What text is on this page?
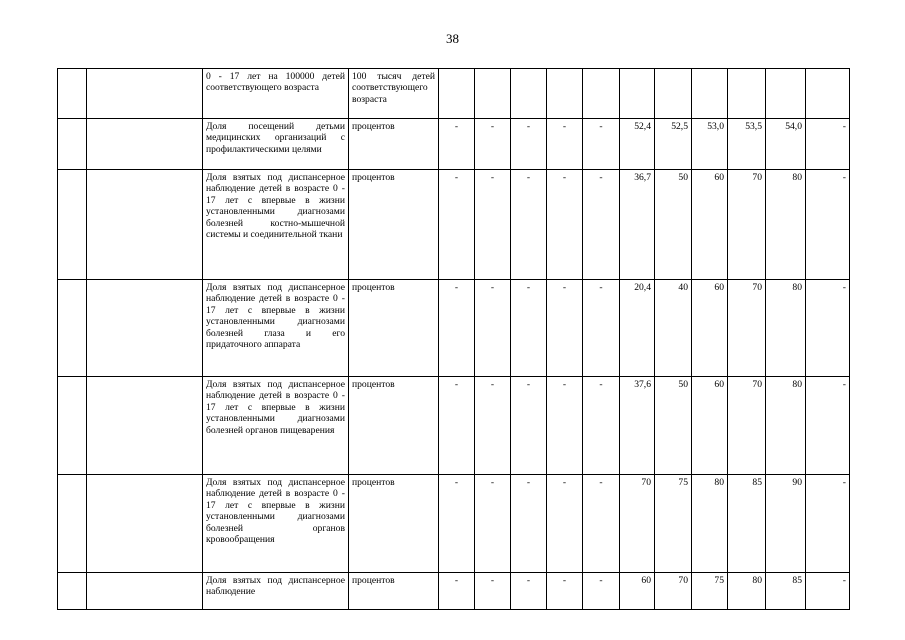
38
		0 - 17 лет на 100000 детей соответствующего возраста	100 тысяч детей соответствующего возраста											
		Доля посещений детьми медицинских организаций с профилактическими целями	процентов	-	-	-	-	-	52,4	52,5	53,0	53,5	54,0	-
		Доля взятых под диспансерное наблюдение детей в возрасте 0 - 17 лет с впервые в жизни установленными диагнозами болезней костно-мышечной системы и соединительной ткани	процентов	-	-	-	-	-	36,7	50	60	70	80	-
		Доля взятых под диспансерное наблюдение детей в возрасте 0 - 17 лет с впервые в жизни установленными диагнозами болезней глаза и его придаточного аппарата	процентов	-	-	-	-	-	20,4	40	60	70	80	-
		Доля взятых под диспансерное наблюдение детей в возрасте 0 - 17 лет с впервые в жизни установленными диагнозами болезней органов пищеварения	процентов	-	-	-	-	-	37,6	50	60	70	80	-
		Доля взятых под диспансерное наблюдение детей в возрасте 0 - 17 лет с впервые в жизни установленными диагнозами болезней органов кровообращения	процентов	-	-	-	-	-	70	75	80	85	90	-
		Доля взятых под диспансерное наблюдение	процентов	-	-	-	-	-	60	70	75	80	85	-
